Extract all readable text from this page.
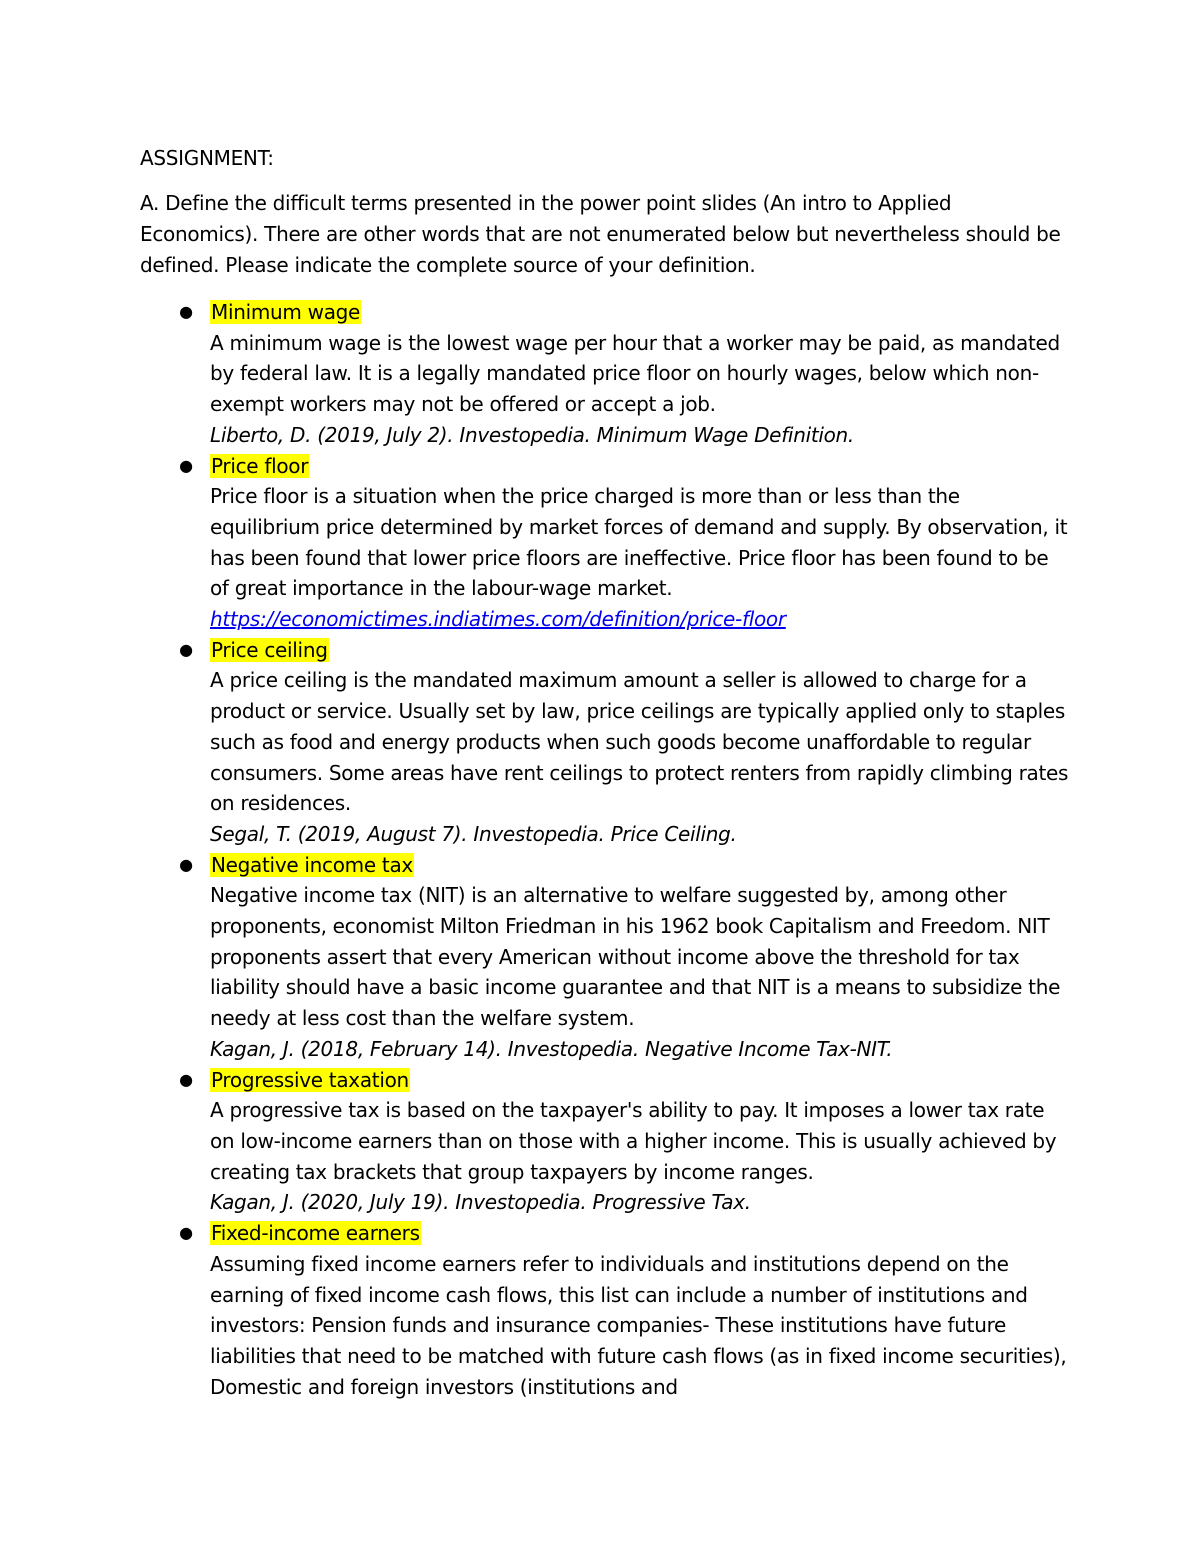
ASSIGNMENT:
A. Define the difficult terms presented in the power point slides (An intro to Applied Economics). There are other words that are not enumerated below but nevertheless should be defined. Please indicate the complete source of your definition.
● Minimum wage
A minimum wage is the lowest wage per hour that a worker may be paid, as mandated by federal law. It is a legally mandated price floor on hourly wages, below which non-exempt workers may not be offered or accept a job.
Liberto, D. (2019, July 2). Investopedia. Minimum Wage Definition.
● Price floor
Price floor is a situation when the price charged is more than or less than the equilibrium price determined by market forces of demand and supply. By observation, it has been found that lower price floors are ineffective. Price floor has been found to be of great importance in the labour-wage market.
https://economictimes.indiatimes.com/definition/price-floor
● Price ceiling
A price ceiling is the mandated maximum amount a seller is allowed to charge for a product or service. Usually set by law, price ceilings are typically applied only to staples such as food and energy products when such goods become unaffordable to regular consumers. Some areas have rent ceilings to protect renters from rapidly climbing rates on residences.
Segal, T. (2019, August 7). Investopedia. Price Ceiling.
● Negative income tax
Negative income tax (NIT) is an alternative to welfare suggested by, among other proponents, economist Milton Friedman in his 1962 book Capitalism and Freedom. NIT proponents assert that every American without income above the threshold for tax liability should have a basic income guarantee and that NIT is a means to subsidize the needy at less cost than the welfare system.
Kagan, J. (2018, February 14). Investopedia. Negative Income Tax-NIT.
● Progressive taxation
A progressive tax is based on the taxpayer's ability to pay. It imposes a lower tax rate on low-income earners than on those with a higher income. This is usually achieved by creating tax brackets that group taxpayers by income ranges.
Kagan, J. (2020, July 19). Investopedia. Progressive Tax.
● Fixed-income earners
Assuming fixed income earners refer to individuals and institutions depend on the earning of fixed income cash flows, this list can include a number of institutions and investors: Pension funds and insurance companies- These institutions have future liabilities that need to be matched with future cash flows (as in fixed income securities), Domestic and foreign investors (institutions and
